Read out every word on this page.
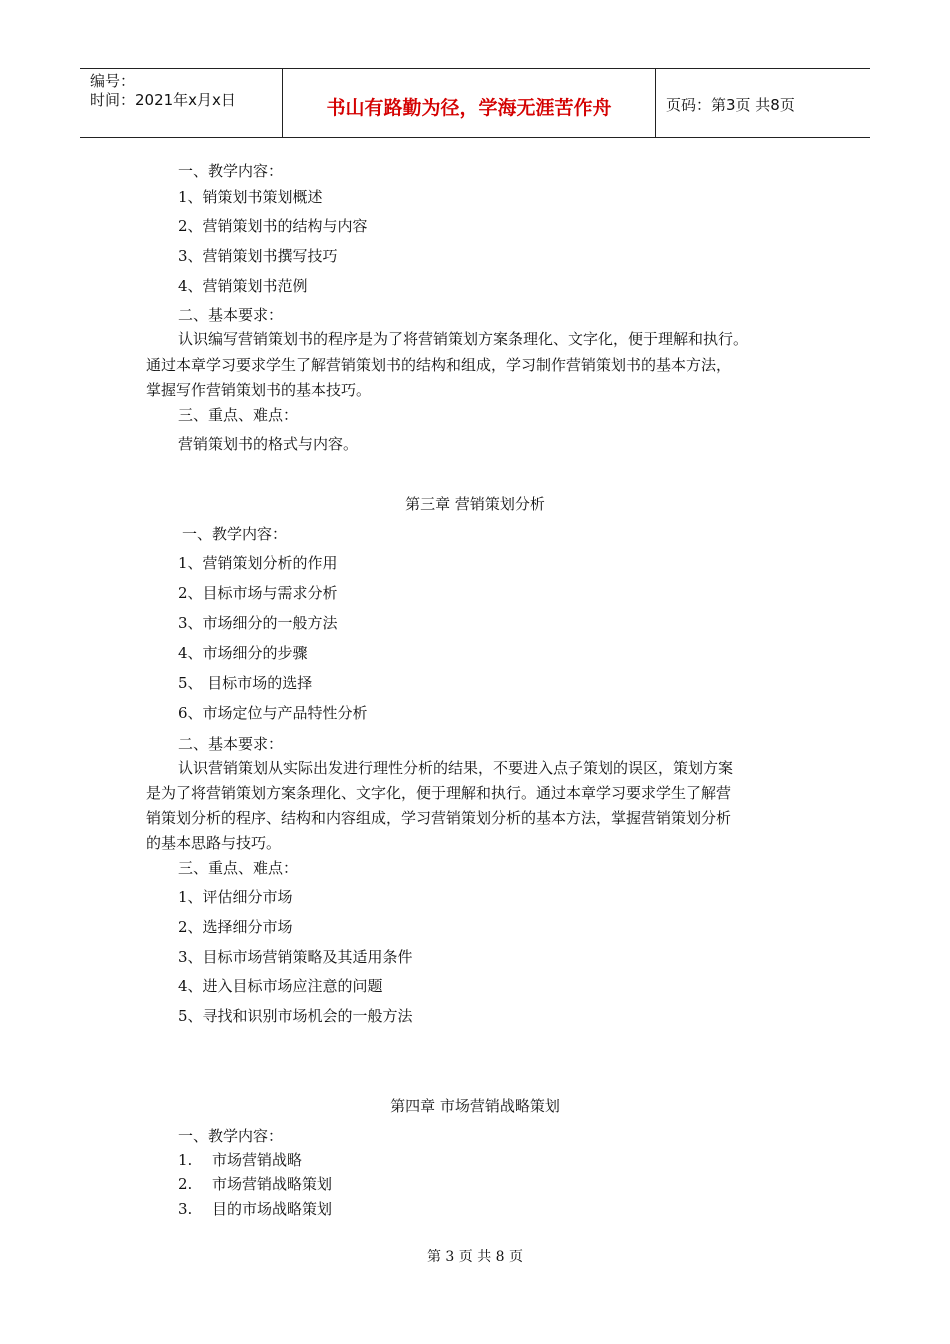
编号：
时间：2021年x月x日	书山有路勤为径，学海无涯苦作舟	页码：第3页 共8页
一、教学内容：
1、销策划书策划概述
2、营销策划书的结构与内容
3、营销策划书撰写技巧
4、营销策划书范例
二、基本要求：
认识编写营销策划书的程序是为了将营销策划方案条理化、文字化，便于理解和执行。
通过本章学习要求学生了解营销策划书的结构和组成，学习制作营销策划书的基本方法，
掌握写作营销策划书的基本技巧。
三、重点、难点：
营销策划书的格式与内容。
第三章 营销策划分析
一、教学内容：
1、营销策划分析的作用
2、目标市场与需求分析
3、市场细分的一般方法
4、市场细分的步骤
5、 目标市场的选择
6、市场定位与产品特性分析
二、基本要求：
认识营销策划从实际出发进行理性分析的结果，不要进入点子策划的误区，策划方案
是为了将营销策划方案条理化、文字化，便于理解和执行。通过本章学习要求学生了解营
销策划分析的程序、结构和内容组成，学习营销策划分析的基本方法，掌握营销策划分析
的基本思路与技巧。
三、重点、难点：
1、评估细分市场
2、选择细分市场
3、目标市场营销策略及其适用条件
4、进入目标市场应注意的问题
5、寻找和识别市场机会的一般方法
第四章 市场营销战略策划
一、教学内容：
1. 市场营销战略
2. 市场营销战略策划
3. 目的市场战略策划
第 3 页 共 8 页
